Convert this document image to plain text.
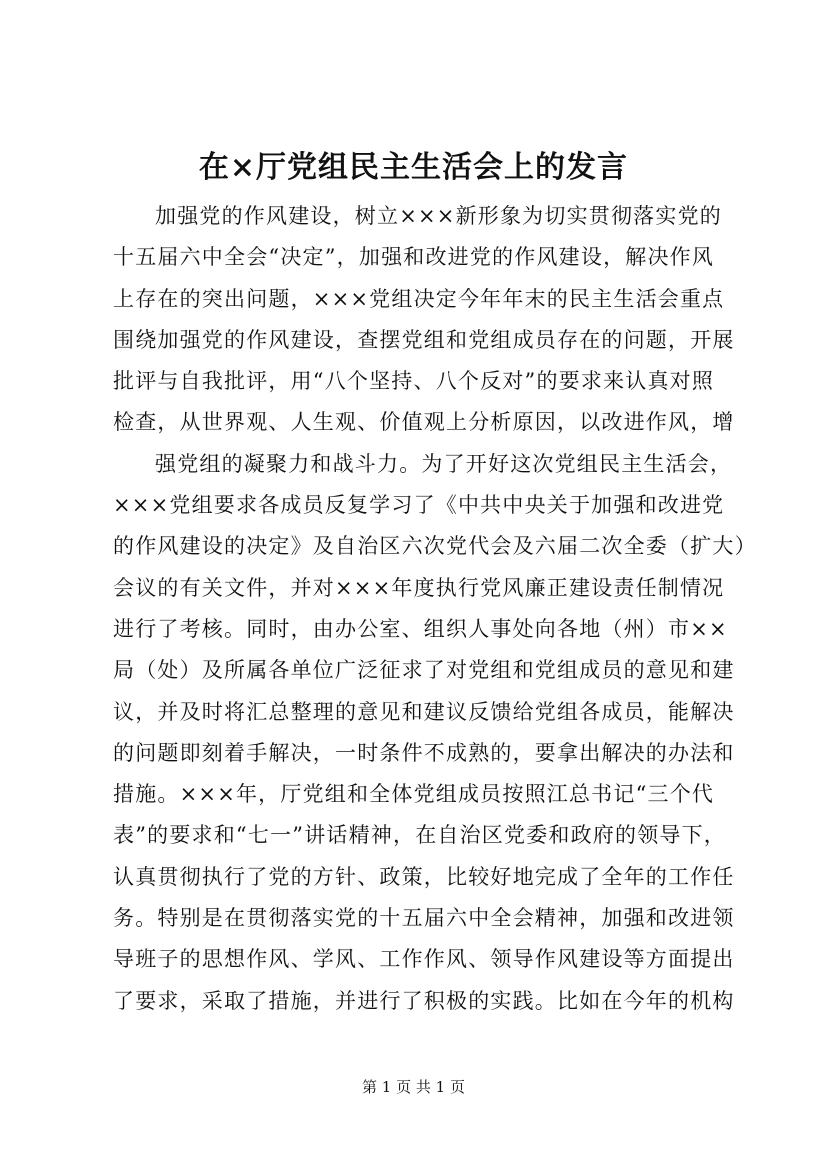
在×厅党组民主生活会上的发言
加强党的作风建设，树立×××新形象为切实贯彻落实党的
十五届六中全会“决定”，加强和改进党的作风建设，解决作风
上存在的突出问题，×××党组决定今年年末的民主生活会重点
围绕加强党的作风建设，查摆党组和党组成员存在的问题，开展
批评与自我批评，用“八个坚持、八个反对”的要求来认真对照
检查，从世界观、人生观、价值观上分析原因，以改进作风，增
强党组的凝聚力和战斗力。为了开好这次党组民主生活会，
×××党组要求各成员反复学习了《中共中央关于加强和改进党
的作风建设的决定》及自治区六次党代会及六届二次全委（扩大）
会议的有关文件，并对×××年度执行党风廉正建设责任制情况
进行了考核。同时，由办公室、组织人事处向各地（州）市××
局（处）及所属各单位广泛征求了对党组和党组成员的意见和建
议，并及时将汇总整理的意见和建议反馈给党组各成员，能解决
的问题即刻着手解决，一时条件不成熟的，要拿出解决的办法和
措施。×××年，厅党组和全体党组成员按照江总书记“三个代
表”的要求和“七一”讲话精神，在自治区党委和政府的领导下，
认真贯彻执行了党的方针、政策，比较好地完成了全年的工作任
务。特别是在贯彻落实党的十五届六中全会精神，加强和改进领
导班子的思想作风、学风、工作作风、领导作风建设等方面提出
了要求，采取了措施，并进行了积极的实践。比如在今年的机构
第 1 页 共 1 页
